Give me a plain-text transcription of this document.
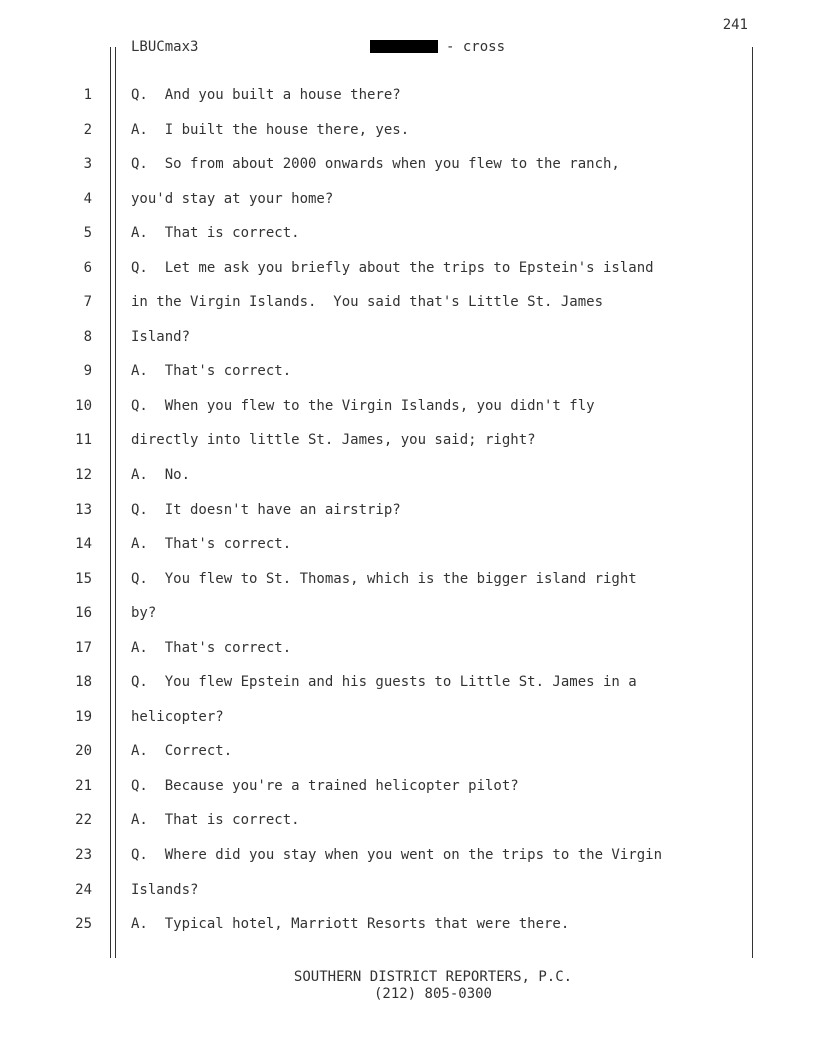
241
LBUCmax3	- cross
1	Q.  And you built a house there?
2	A.  I built the house there, yes.
3	Q.  So from about 2000 onwards when you flew to the ranch,
4	you'd stay at your home?
5	A.  That is correct.
6	Q.  Let me ask you briefly about the trips to Epstein's island
7	in the Virgin Islands.  You said that's Little St. James
8	Island?
9	A.  That's correct.
10	Q.  When you flew to the Virgin Islands, you didn't fly
11	directly into little St. James, you said; right?
12	A.  No.
13	Q.  It doesn't have an airstrip?
14	A.  That's correct.
15	Q.  You flew to St. Thomas, which is the bigger island right
16	by?
17	A.  That's correct.
18	Q.  You flew Epstein and his guests to Little St. James in a
19	helicopter?
20	A.  Correct.
21	Q.  Because you're a trained helicopter pilot?
22	A.  That is correct.
23	Q.  Where did you stay when you went on the trips to the Virgin
24	Islands?
25	A.  Typical hotel, Marriott Resorts that were there.
SOUTHERN DISTRICT REPORTERS, P.C.
(212) 805-0300
